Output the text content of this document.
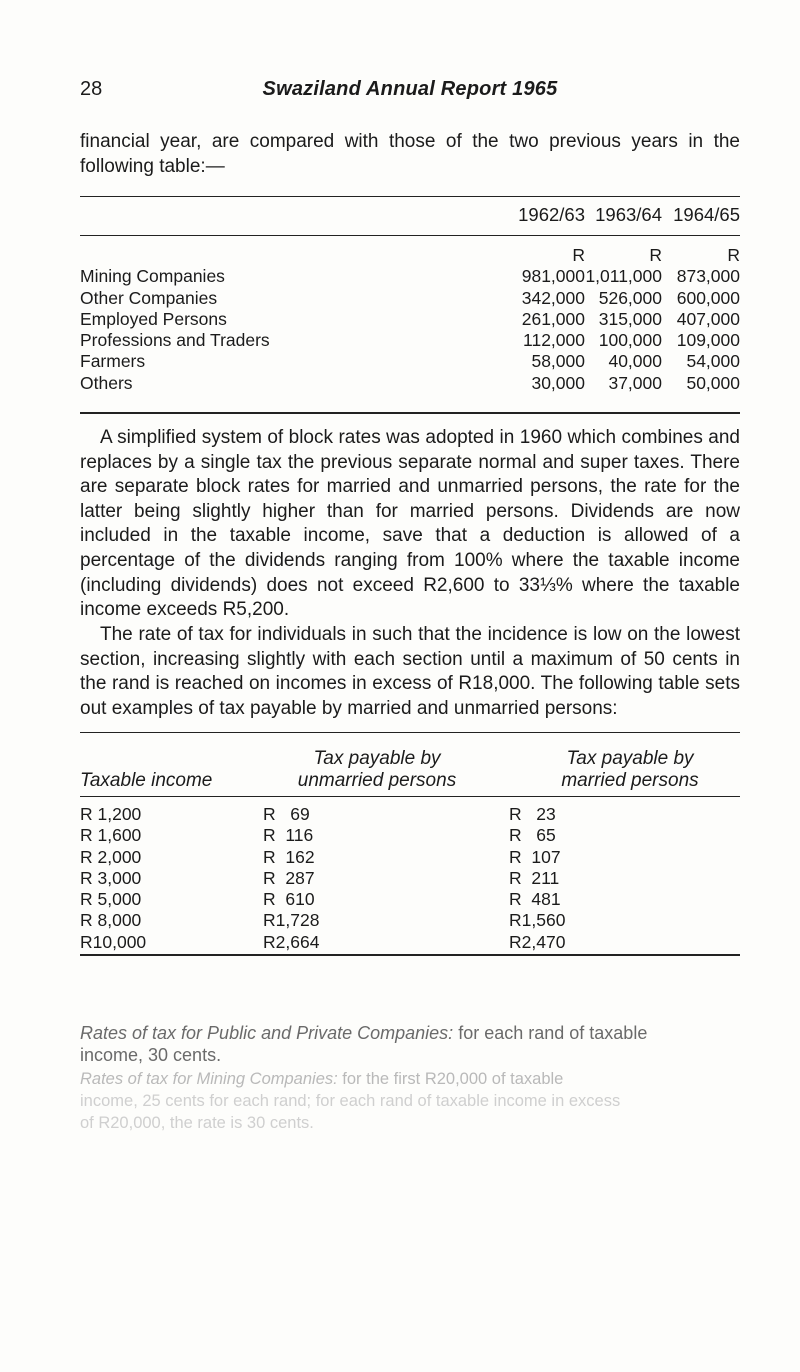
28	Swaziland Annual Report 1965
financial year, are compared with those of the two previous years in the following table:—
1962/63 1963/64 1964/65
R	R	R
Mining Companies	981,000 1,011,000 873,000
Other Companies	342,000 526,000 600,000
Employed Persons	261,000 315,000 407,000
Professions and Traders	112,000 100,000 109,000
Farmers	58,000 40,000 54,000
Others	30,000 37,000 50,000
A simplified system of block rates was adopted in 1960 which combines and replaces by a single tax the previous separate normal and super taxes. There are separate block rates for married and unmarried persons, the rate for the latter being slightly higher than for married persons. Dividends are now included in the taxable income, save that a deduction is allowed of a percentage of the dividends ranging from 100% where the taxable income (including dividends) does not exceed R2,600 to 33⅓% where the taxable income exceeds R5,200.
The rate of tax for individuals in such that the incidence is low on the lowest section, increasing slightly with each section until a maximum of 50 cents in the rand is reached on incomes in excess of R18,000. The following table sets out examples of tax payable by married and unmarried persons:
Taxable income
Tax payable by
unmarried persons
Tax payable by
married persons
R 1,200	R   69	R   23
R 1,600	R  116	R   65
R 2,000	R  162	R  107
R 3,000	R  287	R  211
R 5,000	R  610	R  481
R 8,000	R1,728	R1,560
R10,000	R2,664	R2,470
Rates of tax for Public and Private Companies: for each rand of taxable
income, 30 cents.
Rates of tax for Mining Companies: for the first R20,000 of taxable
income, 25 cents for each rand; for each rand of taxable income in excess
of R20,000, the rate is 30 cents.
